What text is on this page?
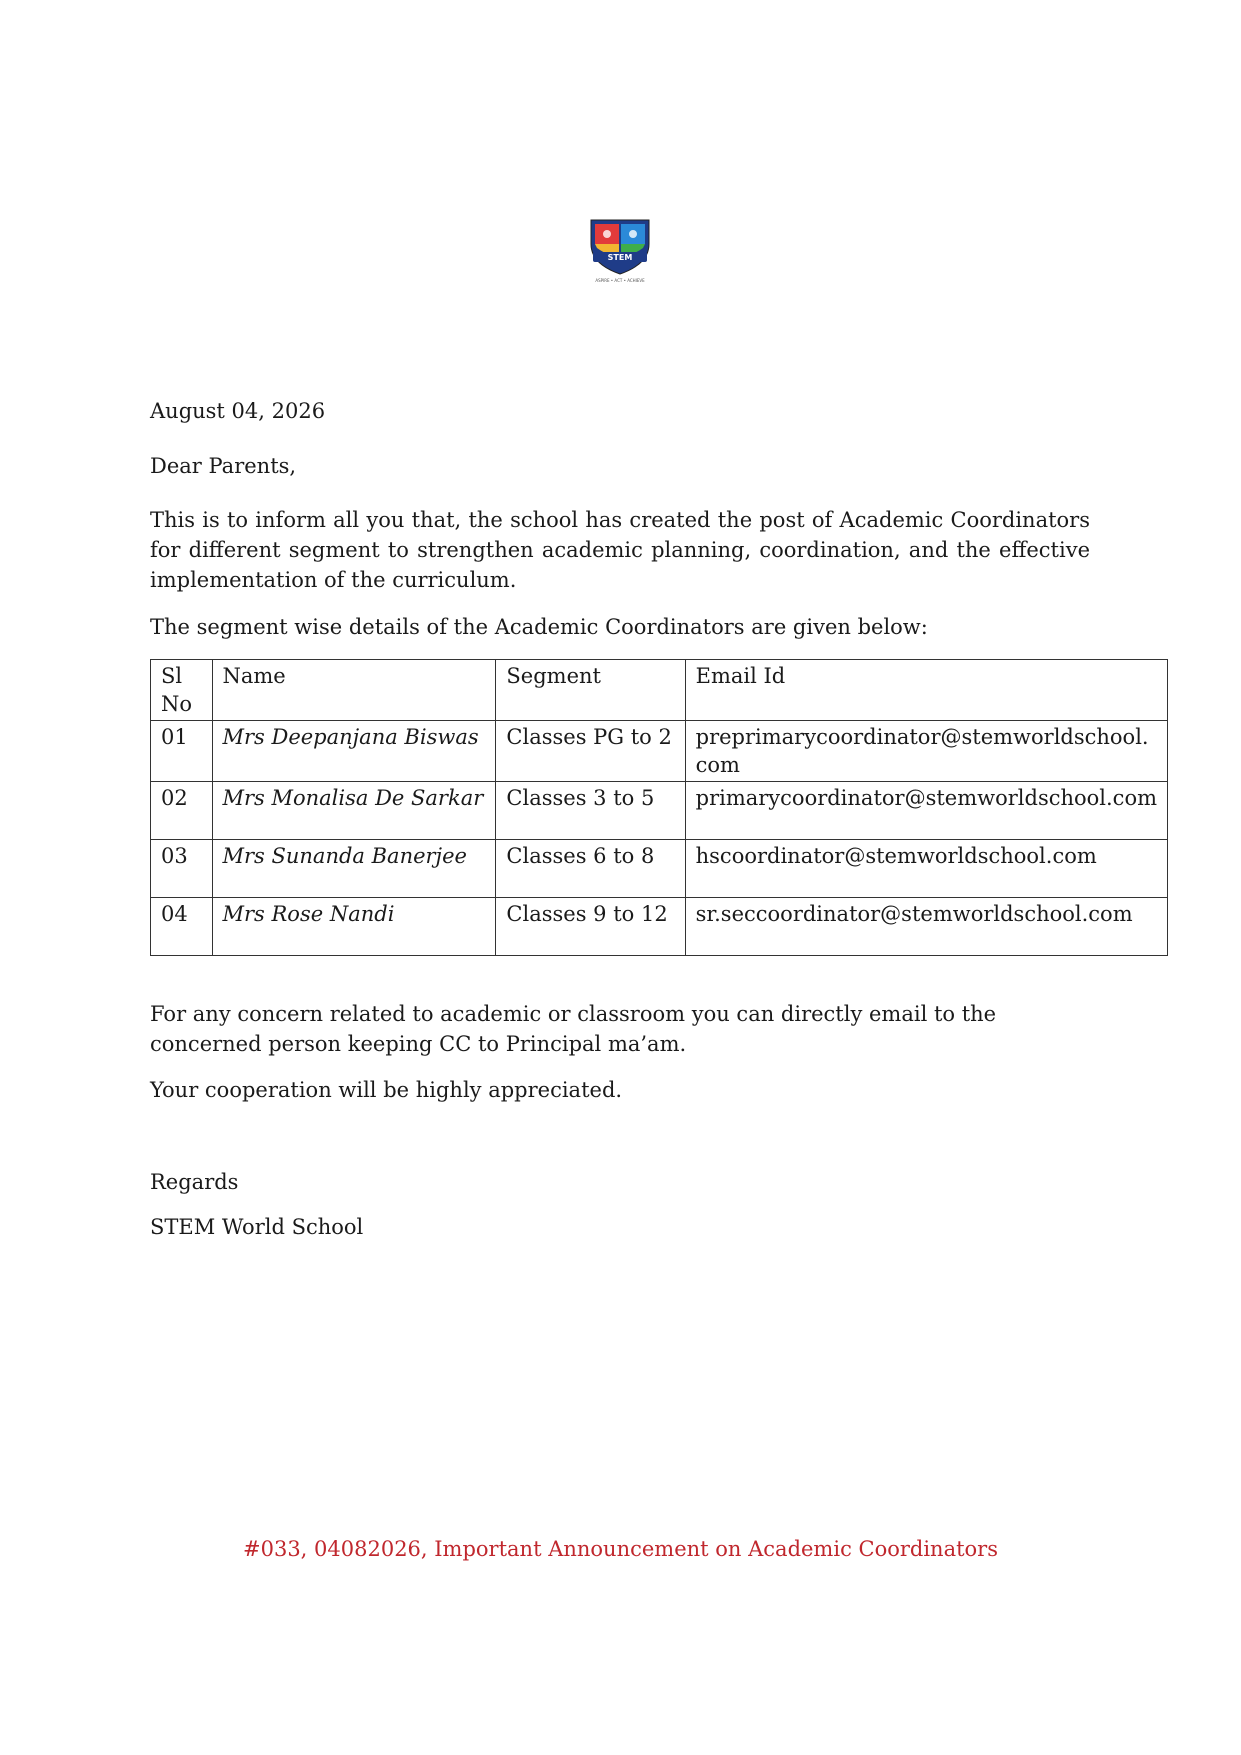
STEM
ASPIRE • ACT • ACHIEVE

August 04, 2026

Dear Parents,

This is to inform all you that, the school has created the post of Academic Coordinators for different segment to strengthen academic planning, coordination, and the effective implementation of the curriculum.

The segment wise details of the Academic Coordinators are given below:

Sl No	Name	Segment	Email Id
01	Mrs Deepanjana Biswas	Classes PG to 2	preprimarycoordinator@stemworldschool. com
02	Mrs Monalisa De Sarkar	Classes 3 to 5	primarycoordinator@stemworldschool.com
03	Mrs Sunanda Banerjee	Classes 6 to 8	hscoordinator@stemworldschool.com
04	Mrs Rose Nandi	Classes 9 to 12	sr.seccoordinator@stemworldschool.com

For any concern related to academic or classroom you can directly email to the concerned person keeping CC to Principal ma’am.

Your cooperation will be highly appreciated.

Regards

STEM World School

#033, 04082026, Important Announcement on Academic Coordinators
